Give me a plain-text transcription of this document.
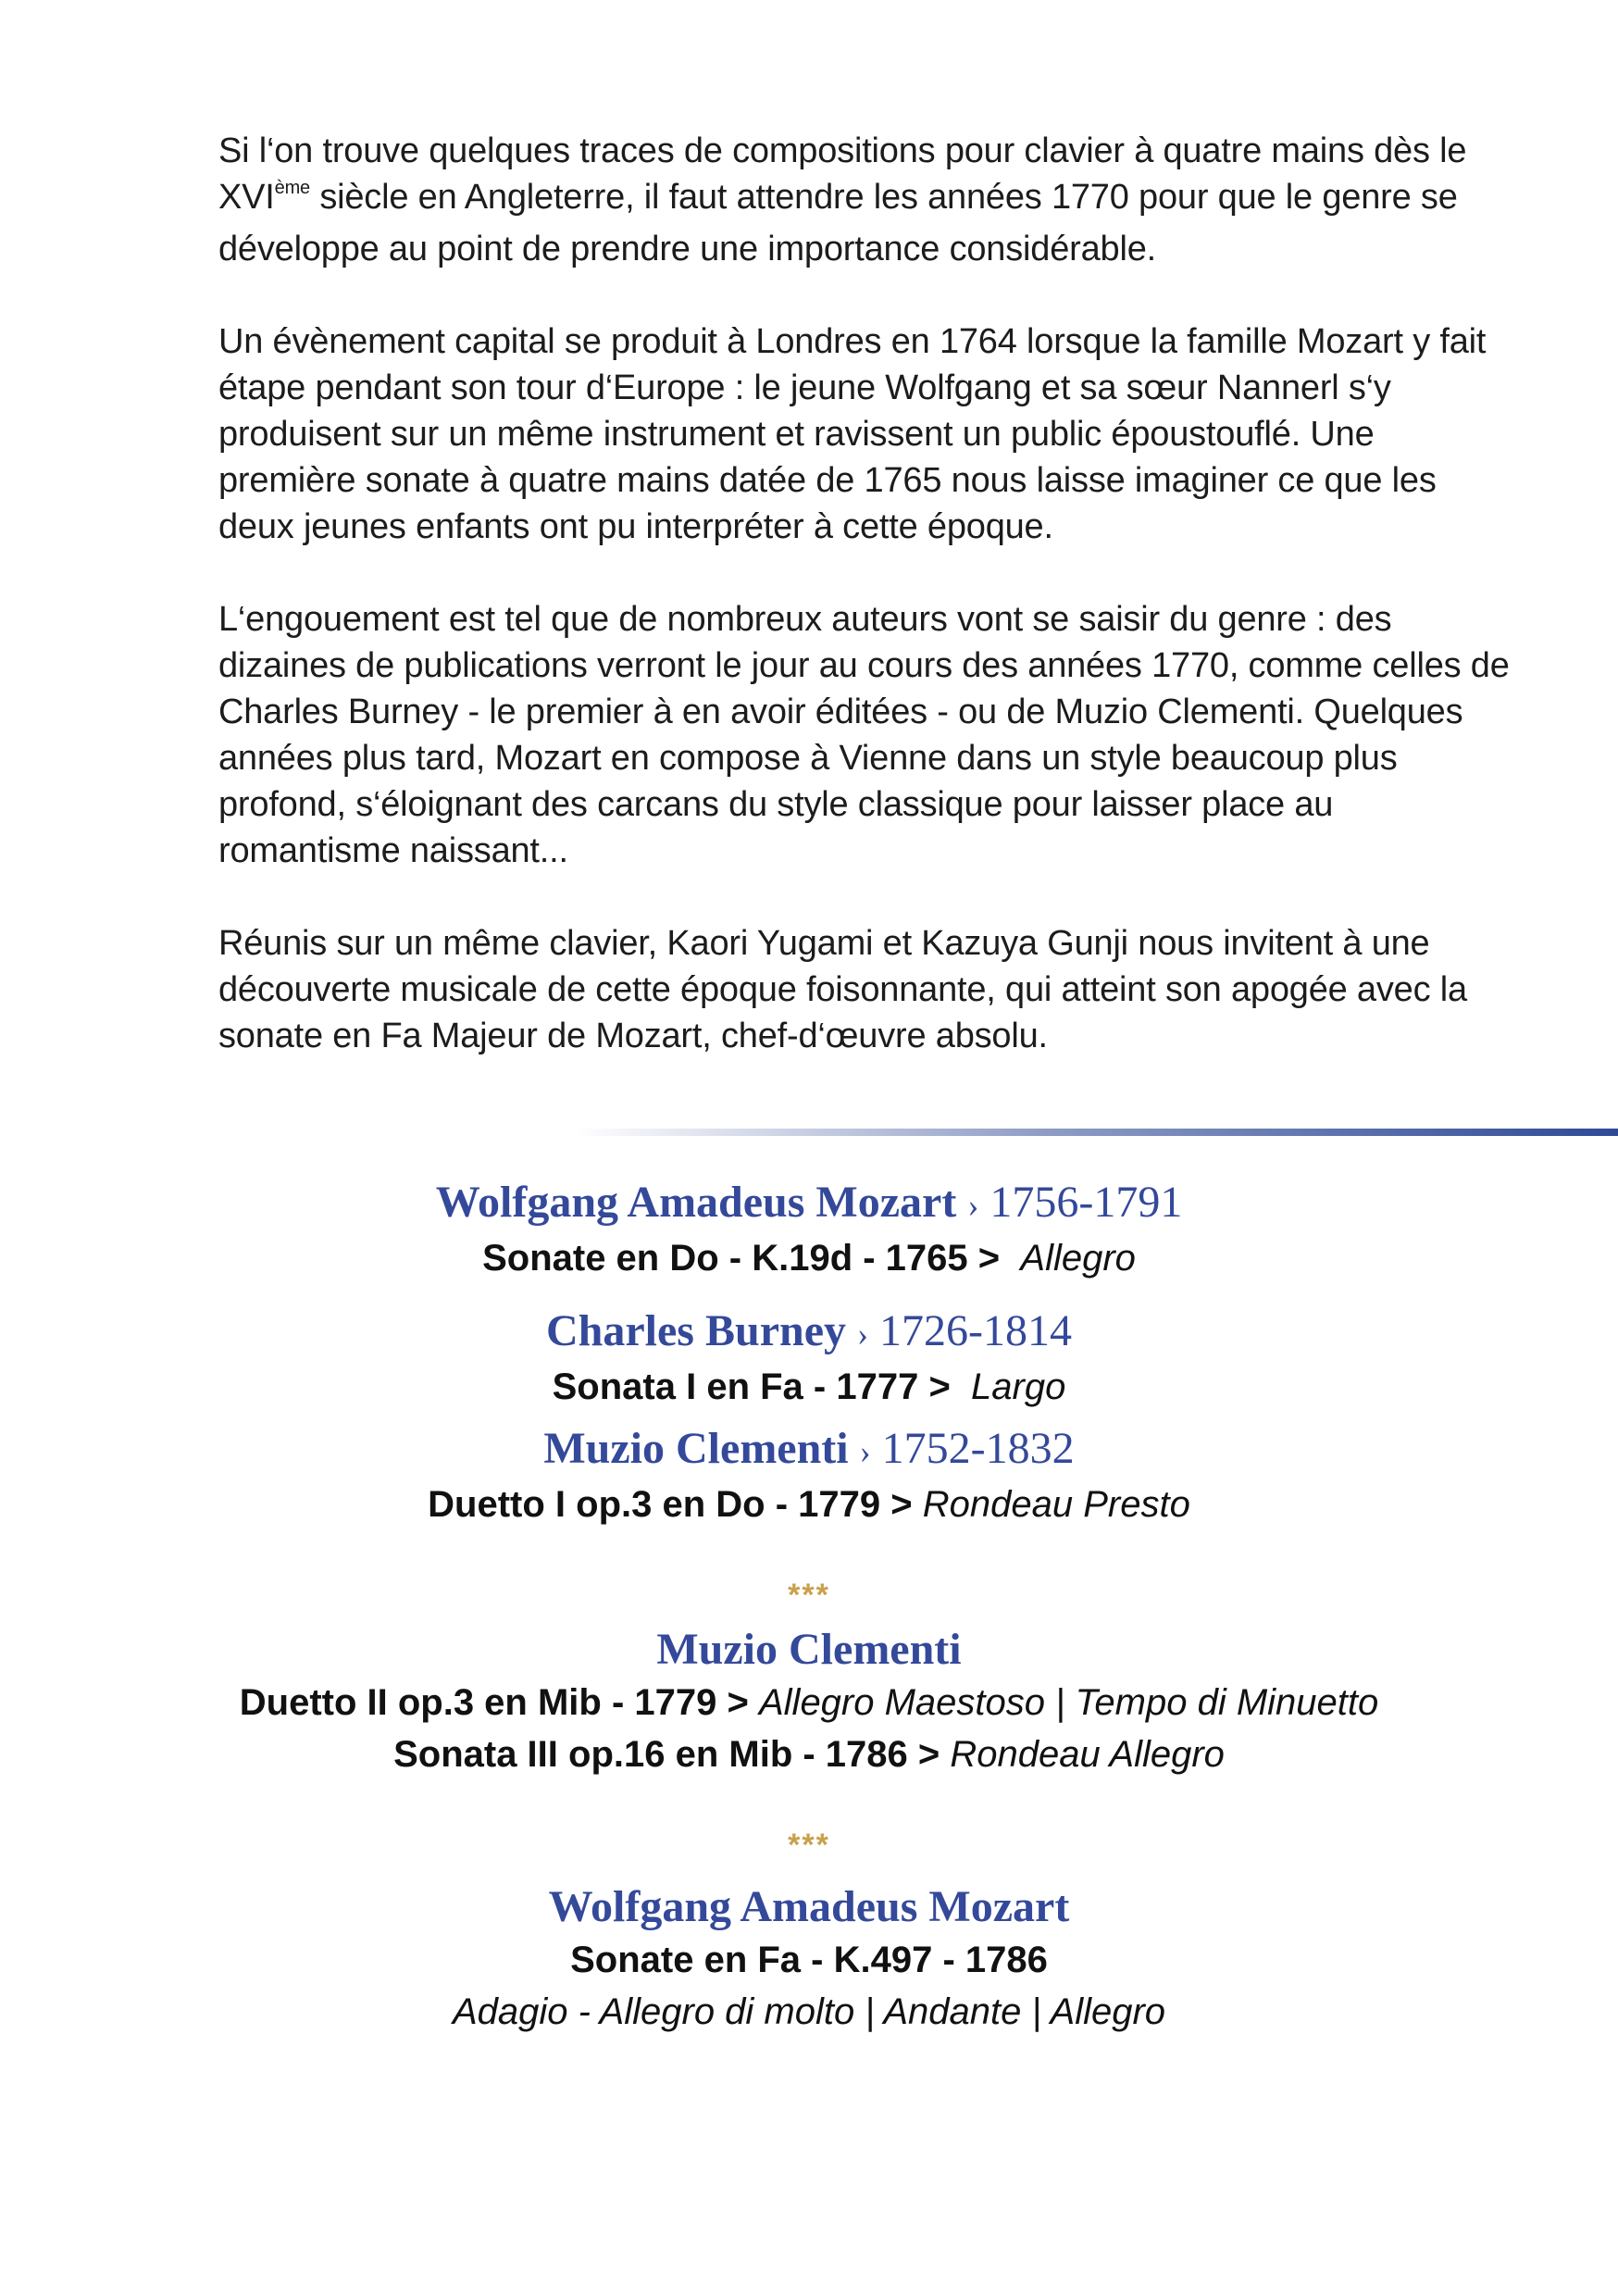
Si l‘on trouve quelques traces de compositions pour clavier à quatre mains dès le XVIème siècle en Angleterre, il faut attendre les années 1770 pour que le genre se développe au point de prendre une importance considérable.

Un évènement capital se produit à Londres en 1764 lorsque la famille Mozart y fait étape pendant son tour d‘Europe : le jeune Wolfgang et sa sœur Nannerl s‘y produisent sur un même instrument et ravissent un public époustouflé. Une première sonate à quatre mains datée de 1765 nous laisse imaginer ce que les deux jeunes enfants ont pu interpréter à cette époque.

L‘engouement est tel que de nombreux auteurs vont se saisir du genre : des dizaines de publications verront le jour au cours des années 1770, comme celles de Charles Burney - le premier à en avoir éditées - ou de Muzio Clementi. Quelques années plus tard, Mozart en compose à Vienne dans un style beaucoup plus profond, s‘éloignant des carcans du style classique pour laisser place au romantisme naissant...

Réunis sur un même clavier, Kaori Yugami et Kazuya Gunji nous invitent à une découverte musicale de cette époque foisonnante, qui atteint son apogée avec la sonate en Fa Majeur de Mozart, chef-d‘œuvre absolu.

Wolfgang Amadeus Mozart › 1756-1791
Sonate en Do - K.19d - 1765 > Allegro
Charles Burney › 1726-1814
Sonata I en Fa - 1777 > Largo
Muzio Clementi › 1752-1832
Duetto I op.3 en Do - 1779 > Rondeau Presto
***
Muzio Clementi
Duetto II op.3 en Mib - 1779 > Allegro Maestoso | Tempo di Minuetto
Sonata III op.16 en Mib - 1786 > Rondeau Allegro
***
Wolfgang Amadeus Mozart
Sonate en Fa - K.497 - 1786
Adagio - Allegro di molto | Andante | Allegro
